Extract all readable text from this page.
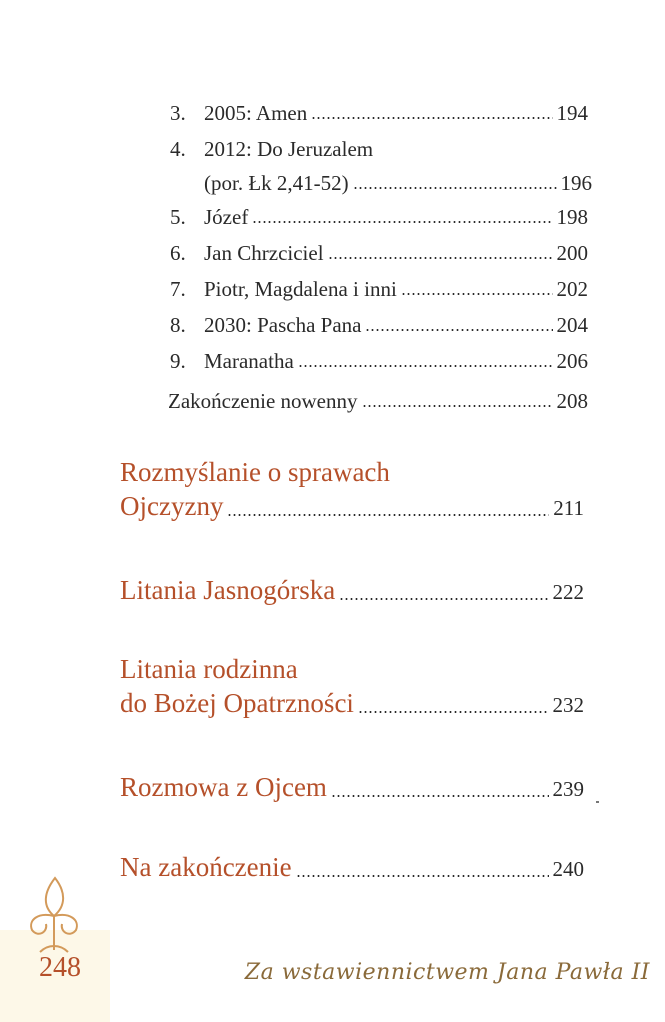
3. 2005: Amen	194
4. 2012: Do Jeruzalem
(por. Łk 2,41-52)	196
5. Józef	198
6. Jan Chrzciciel	200
7. Piotr, Magdalena i inni	202
8. 2030: Pascha Pana	204
9. Maranatha	206
Zakończenie nowenny	208
Rozmyślanie o sprawach
Ojczyzny	211
Litania Jasnogórska	222
Litania rodzinna
do Bożej Opatrzności	232
Rozmowa z Ojcem	239
Na zakończenie	240
248	Za wstawiennictwem Jana Pawła II
